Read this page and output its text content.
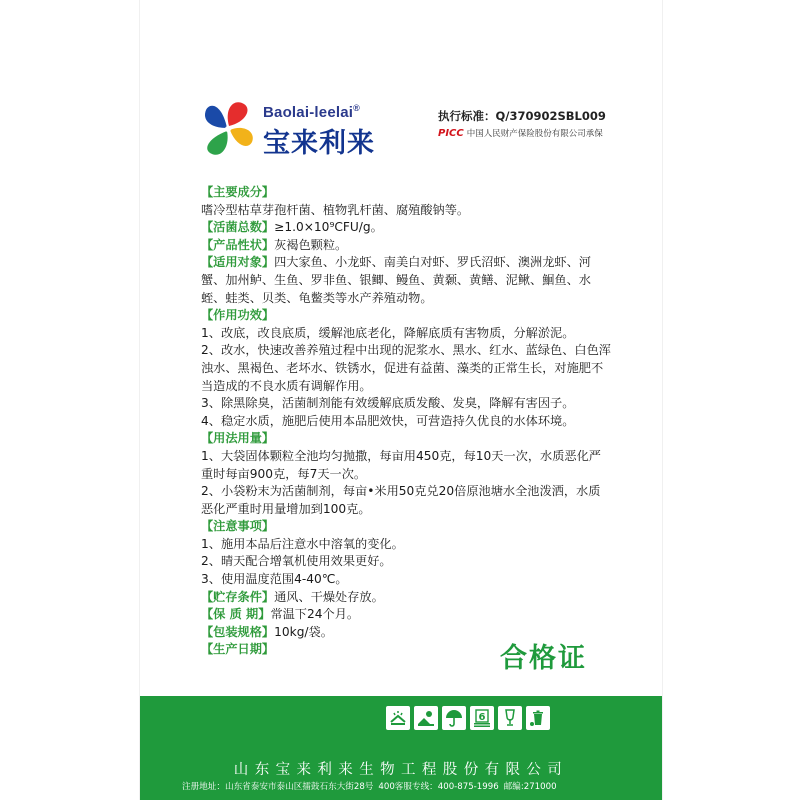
Baolai-leelai®
宝来利来
执行标准：Q/370902SBL009
PICC 中国人民财产保险股份有限公司承保

【主要成分】

嗜冷型枯草芽孢杆菌、植物乳杆菌、腐殖酸钠等。

【活菌总数】≥1.0×10⁹CFU/g。

【产品性状】灰褐色颗粒。

【适用对象】四大家鱼、小龙虾、南美白对虾、罗氏沼虾、澳洲龙虾、河蟹、加州鲈、生鱼、罗非鱼、银鲫、鳗鱼、黄颡、黄鳝、泥鳅、鮰鱼、水蛭、蛙类、贝类、龟鳖类等水产养殖动物。

【作用功效】

1、改底，改良底质，缓解池底老化，降解底质有害物质，分解淤泥。

2、改水，快速改善养殖过程中出现的泥浆水、黑水、红水、蓝绿色、白色浑浊水、黑褐色、老坏水、铁锈水，促进有益菌、藻类的正常生长，对施肥不当造成的不良水质有调解作用。

3、除黑除臭，活菌制剂能有效缓解底质发酸、发臭，降解有害因子。

4、稳定水质，施肥后使用本品肥效快，可营造持久优良的水体环境。

【用法用量】

1、大袋固体颗粒全池均匀抛撒，每亩用450克，每10天一次，水质恶化严重时每亩900克，每7天一次。

2、小袋粉末为活菌制剂，每亩•米用50克兑20倍原池塘水全池泼洒，水质恶化严重时用量增加到100克。

【注意事项】

1、施用本品后注意水中溶氧的变化。

2、晴天配合增氧机使用效果更好。

3、使用温度范围4-40℃。

【贮存条件】通风、干燥处存放。

【保 质 期】常温下24个月。

【包装规格】10kg/袋。

【生产日期】	合格证
6
山东宝来利来生物工程股份有限公司
注册地址：山东省泰安市泰山区擂鼓石东大街28号 400客服专线：400-875-1996 邮编:271000
